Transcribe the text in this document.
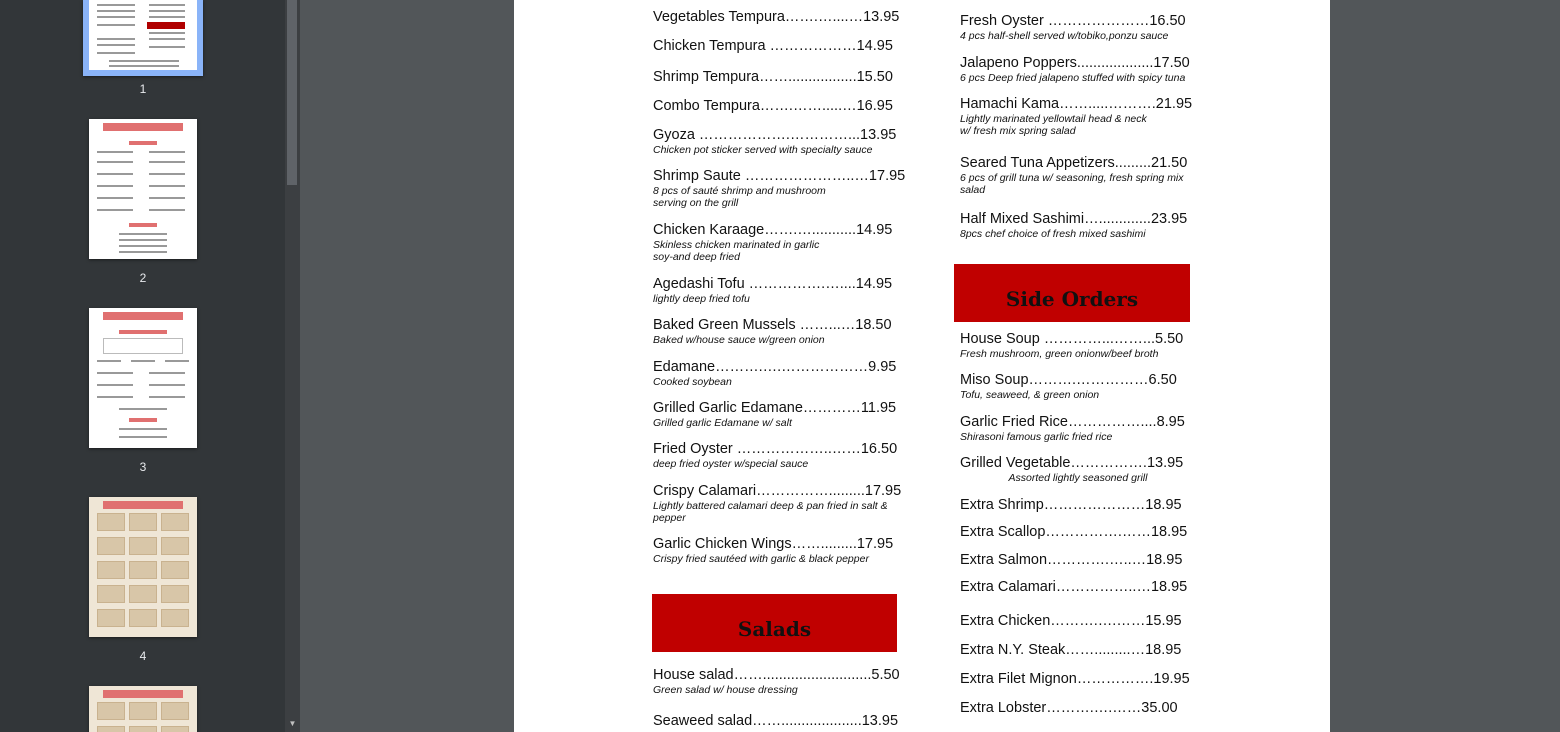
1
2
3
4
▼
Vegetables Tempura…….…....…13.95
Chicken Tempura ………………14.95
Shrimp Tempura…….................15.50
Combo Tempura…….…….....…16.95
Gyoza ……………….…………...13.95
Chicken pot sticker served with specialty sauce
Shrimp Saute …………………..…17.95
8 pcs of sauté shrimp and mushroom
serving on the grill
Chicken Karaage…….…...........14.95
Skinless chicken marinated in garlic
soy-and deep fried
Agedashi Tofu …………….…....14.95
lightly deep fried tofu
Baked Green Mussels ……...…18.50
Baked w/house sauce w/green onion
Edamane……….….………………9.95
Cooked soybean
Grilled Garlic Edamane…………11.95
Grilled garlic Edamane w/ salt
Fried Oyster ………………..……16.50
deep fried oyster w/special sauce
Crispy Calamari…………….........17.95
Lightly battered calamari deep & pan fried in salt &
pepper
Garlic Chicken Wings…….........17.95
Crispy fried sautéed with garlic & black pepper
Salads
House salad……...........................5.50
Green salad w/ house dressing
Seaweed salad……....................13.95
Fresh Oyster …………………16.50
4 pcs half-shell served w/tobiko,ponzu sauce
Jalapeno Poppers...................17.50
6 pcs Deep fried jalapeno stuffed with spicy tuna
Hamachi Kama…….....……….21.95
Lightly marinated yellowtail head & neck
w/ fresh mix spring salad
Seared Tuna Appetizers.........21.50
6 pcs of grill tuna w/ seasoning, fresh spring mix
salad
Half Mixed Sashimi….............23.95
8pcs chef choice of fresh mixed sashimi
Side Orders
House Soup …………...……...5.50
Fresh mushroom, green onionw/beef broth
Miso Soup……….……………6.50
Tofu, seaweed, & green onion
Garlic Fried Rice……………....8.95
Shirasoni famous garlic fried rice
Grilled Vegetable…………….13.95
Assorted lightly seasoned grill
Extra Shrimp…………………18.95
Extra Scallop…………….……18.95
Extra Salmon………….…..…18.95
Extra Calamari……………..…18.95
Extra Chicken……….….……15.95
Extra N.Y. Steak…….........…18.95
Extra Filet Mignon…………….19.95
Extra Lobster……….….……35.00
